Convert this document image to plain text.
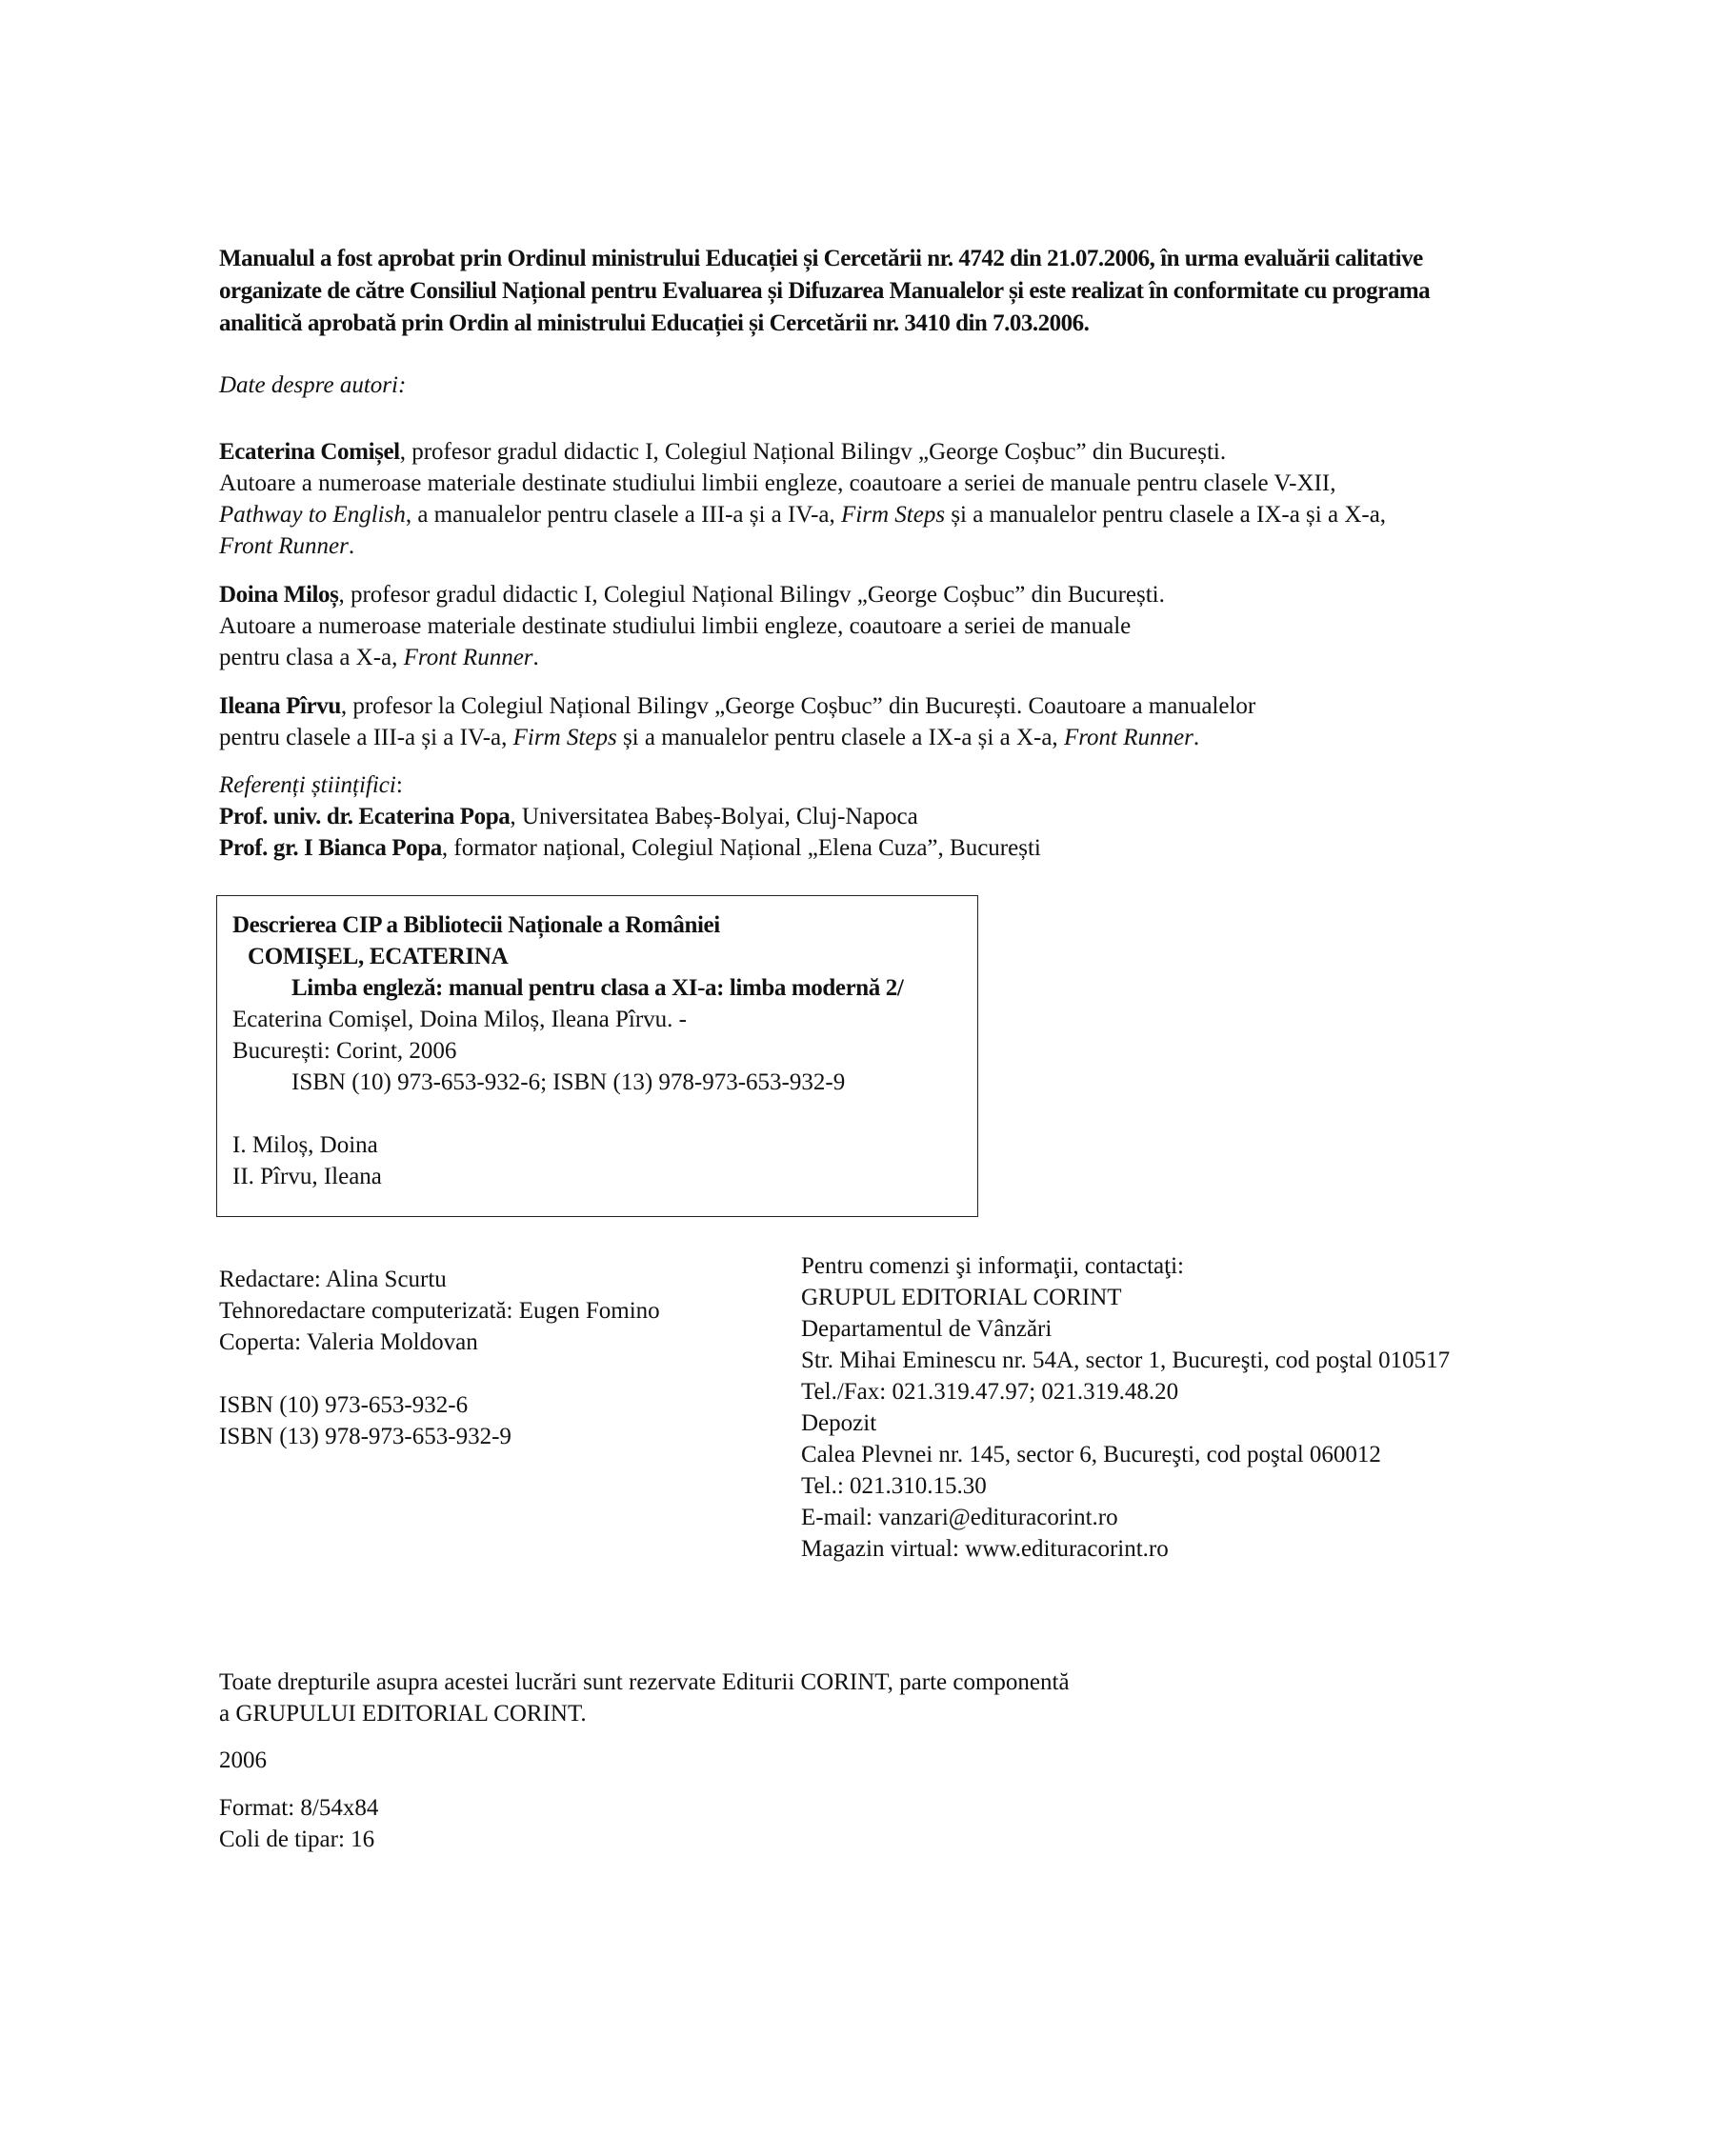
Manualul a fost aprobat prin Ordinul ministrului Educației și Cercetării nr. 4742 din 21.07.2006, în urma evaluării calitative

organizate de către Consiliul Național pentru Evaluarea și Difuzarea Manualelor și este realizat în conformitate cu programa

analitică aprobată prin Ordin al ministrului Educației și Cercetării nr. 3410 din 7.03.2006.

Date despre autori:

Ecaterina Comișel, profesor gradul didactic I, Colegiul Național Bilingv „George Coșbuc” din București.

Autoare a numeroase materiale destinate studiului limbii engleze, coautoare a seriei de manuale pentru clasele V-XII,

Pathway to English, a manualelor pentru clasele a III-a și a IV-a, Firm Steps și a manualelor pentru clasele a IX-a și a X-a,

Front Runner.

Doina Miloș, profesor gradul didactic I, Colegiul Național Bilingv „George Coșbuc” din București.

Autoare a numeroase materiale destinate studiului limbii engleze, coautoare a seriei de manuale

pentru clasa a X-a, Front Runner.

Ileana Pîrvu, profesor la Colegiul Național Bilingv „George Coșbuc” din București. Coautoare a manualelor

pentru clasele a III-a și a IV-a, Firm Steps și a manualelor pentru clasele a IX-a și a X-a, Front Runner.

Referenți științifici:

Prof. univ. dr. Ecaterina Popa, Universitatea Babeș-Bolyai, Cluj-Napoca

Prof. gr. I Bianca Popa, formator național, Colegiul Național „Elena Cuza”, București

Descrierea CIP a Bibliotecii Naționale a României

COMIŞEL, ECATERINA

Limba engleză: manual pentru clasa a XI-a: limba modernă 2/

Ecaterina Comișel, Doina Miloș, Ileana Pîrvu. -

București: Corint, 2006

ISBN (10) 973-653-932-6; ISBN (13) 978-973-653-932-9

I. Miloș, Doina

II. Pîrvu, Ileana

Redactare: Alina Scurtu

Tehnoredactare computerizată: Eugen Fomino

Coperta: Valeria Moldovan

ISBN (10) 973-653-932-6

ISBN (13) 978-973-653-932-9

Pentru comenzi şi informaţii, contactaţi:

GRUPUL EDITORIAL CORINT

Departamentul de Vânzări

Str. Mihai Eminescu nr. 54A, sector 1, Bucureşti, cod poştal 010517

Tel./Fax: 021.319.47.97; 021.319.48.20

Depozit

Calea Plevnei nr. 145, sector 6, Bucureşti, cod poştal 060012

Tel.: 021.310.15.30

E-mail: vanzari@edituracorint.ro

Magazin virtual: www.edituracorint.ro

Toate drepturile asupra acestei lucrări sunt rezervate Editurii CORINT, parte componentă

a GRUPULUI EDITORIAL CORINT.

2006

Format: 8/54x84

Coli de tipar: 16
